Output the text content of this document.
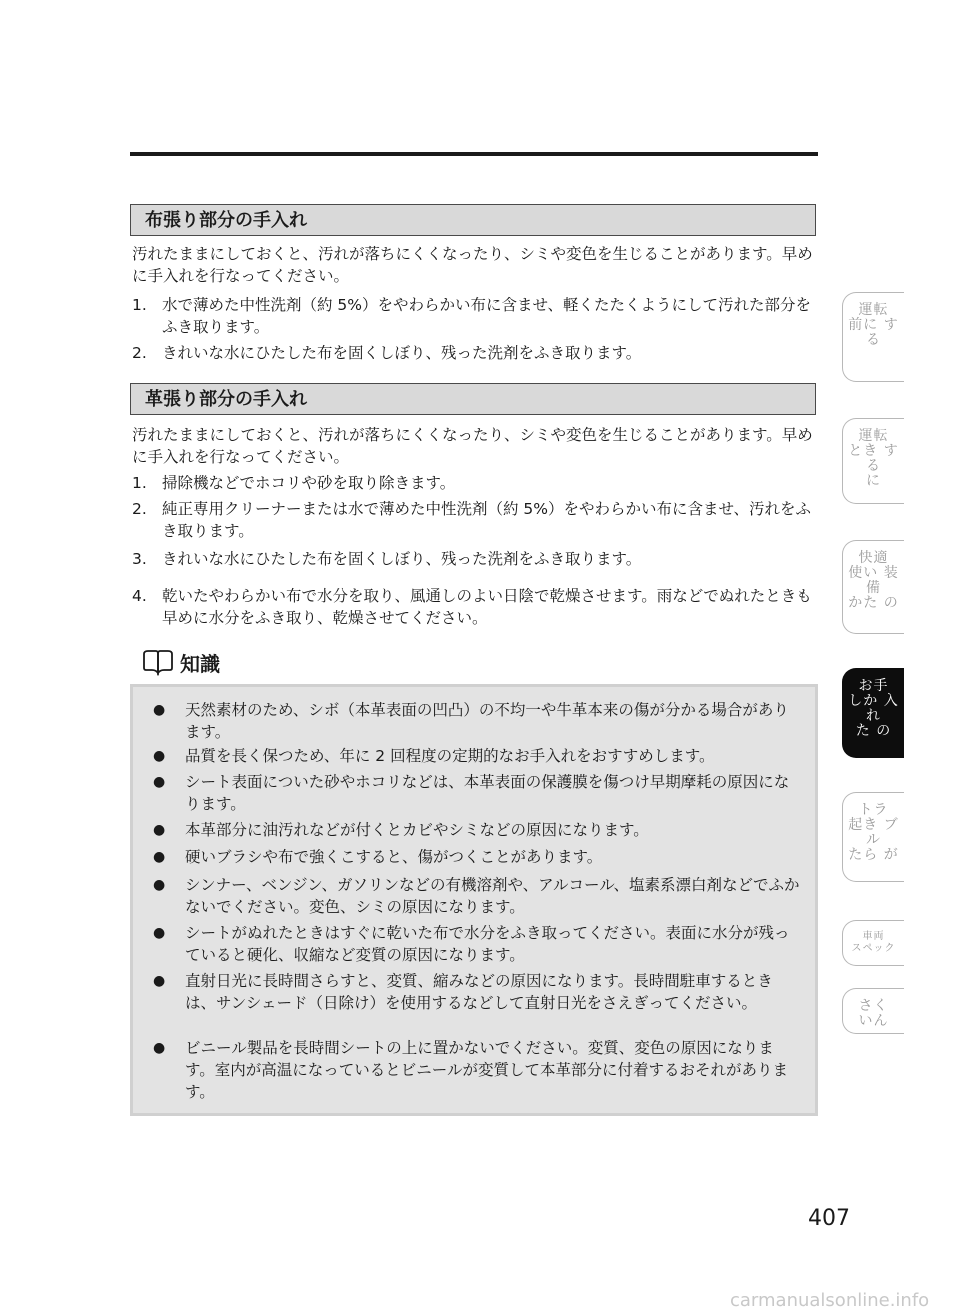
布張り部分の手入れ

汚れたままにしておくと、汚れが落ちにくくなったり、シミや変色を生じることがあります。早めに手入れを行なってください。

1. 水で薄めた中性洗剤（約 5%）をやわらかい布に含ませ、軽くたたくようにして汚れた部分をふき取ります。
2. きれいな水にひたした布を固くしぼり、残った洗剤をふき取ります。
革張り部分の手入れ

汚れたままにしておくと、汚れが落ちにくくなったり、シミや変色を生じることがあります。早めに手入れを行なってください。

1. 掃除機などでホコリや砂を取り除きます。
2. 純正専用クリーナーまたは水で薄めた中性洗剤（約 5%）をやわらかい布に含ませ、汚れをふき取ります。
3. きれいな水にひたした布を固くしぼり、残った洗剤をふき取ります。
4. 乾いたやわらかい布で水分を取り、風通しのよい日陰で乾燥させます。雨などでぬれたときも早めに水分をふき取り、乾燥させてください。
知識
●	天然素材のため、シボ（本革表面の凹凸）の不均一や牛革本来の傷が分かる場合があります。
●	品質を長く保つため、年に 2 回程度の定期的なお手入れをおすすめします。
●	シート表面についた砂やホコリなどは、本革表面の保護膜を傷つけ早期摩耗の原因になります。
●	本革部分に油汚れなどが付くとカビやシミなどの原因になります。
●	硬いブラシや布で強くこすると、傷がつくことがあります。
●	シンナー、ベンジン、ガソリンなどの有機溶剤や、アルコール、塩素系漂白剤などでふかないでください。変色、シミの原因になります。
●	シートがぬれたときはすぐに乾いた布で水分をふき取ってください。表面に水分が残っていると硬化、収縮など変質の原因になります。
●	直射日光に長時間さらすと、変質、縮みなどの原因になります。長時間駐車するときは、サンシェード（日除け）を使用するなどして直射日光をさえぎってください。
●	ビニール製品を長時間シートの上に置かないでください。変質、変色の原因になります。室内が高温になっているとビニールが変質して本革部分に付着するおそれがあります。
運転
前に する
運転
とき する
に
快適
使い 装備
かた の
お手
しか 入れ
た の
トラ
起き ブル
たら が
車両
スペック
さく
いん
407
carmanualsonline.info
